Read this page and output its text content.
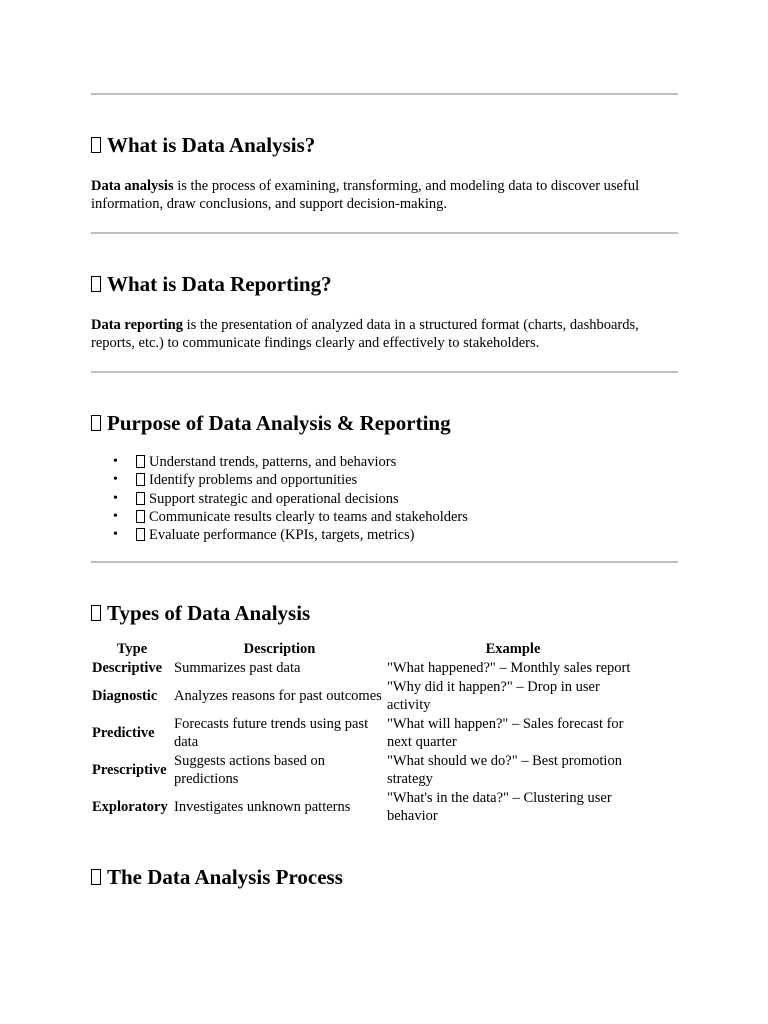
What is Data Analysis?

Data analysis is the process of examining, transforming, and modeling data to discover useful information, draw conclusions, and support decision-making.

What is Data Reporting?

Data reporting is the presentation of analyzed data in a structured format (charts, dashboards, reports, etc.) to communicate findings clearly and effectively to stakeholders.

Purpose of Data Analysis & Reporting
• Understand trends, patterns, and behaviors
• Identify problems and opportunities
• Support strategic and operational decisions
• Communicate results clearly to teams and stakeholders
• Evaluate performance (KPIs, targets, metrics)
Types of Data Analysis
Type	Description	Example
Descriptive	Summarizes past data	"What happened?" – Monthly sales report
Diagnostic	Analyzes reasons for past outcomes	"Why did it happen?" – Drop in user activity
Predictive	Forecasts future trends using past data	"What will happen?" – Sales forecast for next quarter
Prescriptive	Suggests actions based on predictions	"What should we do?" – Best promotion strategy
Exploratory	Investigates unknown patterns	"What's in the data?" – Clustering user behavior
The Data Analysis Process
